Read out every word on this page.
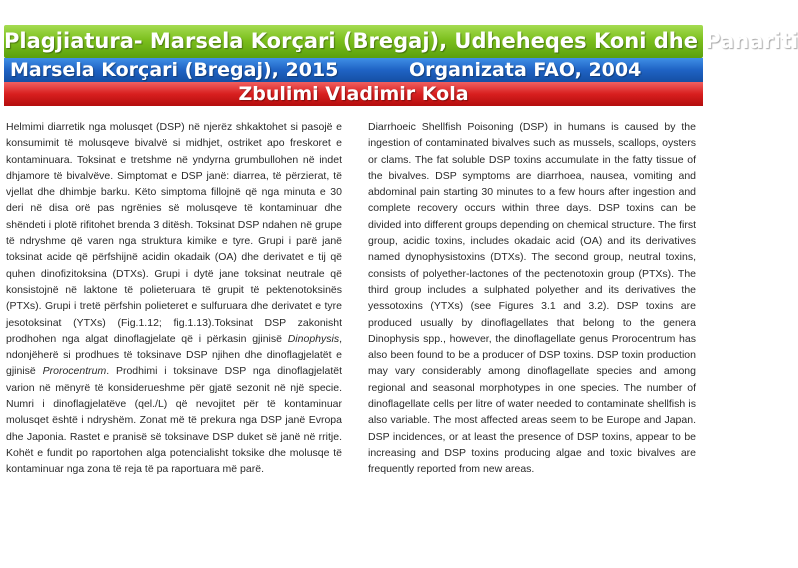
Plagjiatura- Marsela Korçari (Bregaj), Udheheqes Koni dhe Panariti
Marsela Korçari (Bregaj), 2015	Organizata FAO, 2004
Zbulimi Vladimir Kola

Helmimi diarretik nga molusqet (DSP) në njerëz shkaktohet si pasojë e konsumimit të molusqeve bivalvë si midhjet, ostriket apo freskoret e kontaminuara. Toksinat e tretshme në yndyrna grumbullohen në indet dhjamore të bivalvëve. Simptomat e DSP janë: diarrea, të përzierat, të vjellat dhe dhimbje barku. Këto simptoma fillojnë që nga minuta e 30 deri në disa orë pas ngrënies së molusqeve të kontaminuar dhe shëndeti i plotë rifitohet brenda 3 ditësh. Toksinat DSP ndahen në grupe të ndryshme që varen nga struktura kimike e tyre. Grupi i parë janë toksinat acide që përfshijnë acidin okadaik (OA) dhe derivatet e tij që quhen dinofizitoksina (DTXs). Grupi i dytë jane toksinat neutrale që konsistojnë në laktone të polieteruara të grupit të pektenotoksinës (PTXs). Grupi i tretë përfshin polieteret e sulfuruara dhe derivatet e tyre jesotoksinat (YTXs) (Fig.1.12; fig.1.13).Toksinat DSP zakonisht prodhohen nga algat dinoflagjelate që i përkasin gjinisë Dinophysis, ndonjëherë si prodhues të toksinave DSP njihen dhe dinoflagjelatët e gjinisë Prorocentrum. Prodhimi i toksinave DSP nga dinoflagjelatët varion në mënyrë të konsiderueshme për gjatë sezonit në një specie. Numri i dinoflagjelatëve (qel./L) që nevojitet për të kontaminuar molusqet është i ndryshëm. Zonat më të prekura nga DSP janë Evropa dhe Japonia. Rastet e pranisë së toksinave DSP duket së janë në rritje. Kohët e fundit po raportohen alga potencialisht toksike dhe molusqe të kontaminuar nga zona të reja të pa raportuara më parë.

Diarrhoeic Shellfish Poisoning (DSP) in humans is caused by the ingestion of contaminated bivalves such as mussels, scallops, oysters or clams. The fat soluble DSP toxins accumulate in the fatty tissue of the bivalves. DSP symptoms are diarrhoea, nausea, vomiting and abdominal pain starting 30 minutes to a few hours after ingestion and complete recovery occurs within three days. DSP toxins can be divided into different groups depending on chemical structure. The first group, acidic toxins, includes okadaic acid (OA) and its derivatives named dynophysistoxins (DTXs). The second group, neutral toxins, consists of polyether-lactones of the pectenotoxin group (PTXs). The third group includes a sulphated polyether and its derivatives the yessotoxins (YTXs) (see Figures 3.1 and 3.2). DSP toxins are produced usually by dinoflagellates that belong to the genera Dinophysis spp., however, the dinoflagellate genus Prorocentrum has also been found to be a producer of DSP toxins. DSP toxin production may vary considerably among dinoflagellate species and among regional and seasonal morphotypes in one species. The number of dinoflagellate cells per litre of water needed to contaminate shellfish is also variable. The most affected areas seem to be Europe and Japan. DSP incidences, or at least the presence of DSP toxins, appear to be increasing and DSP toxins producing algae and toxic bivalves are frequently reported from new areas.
